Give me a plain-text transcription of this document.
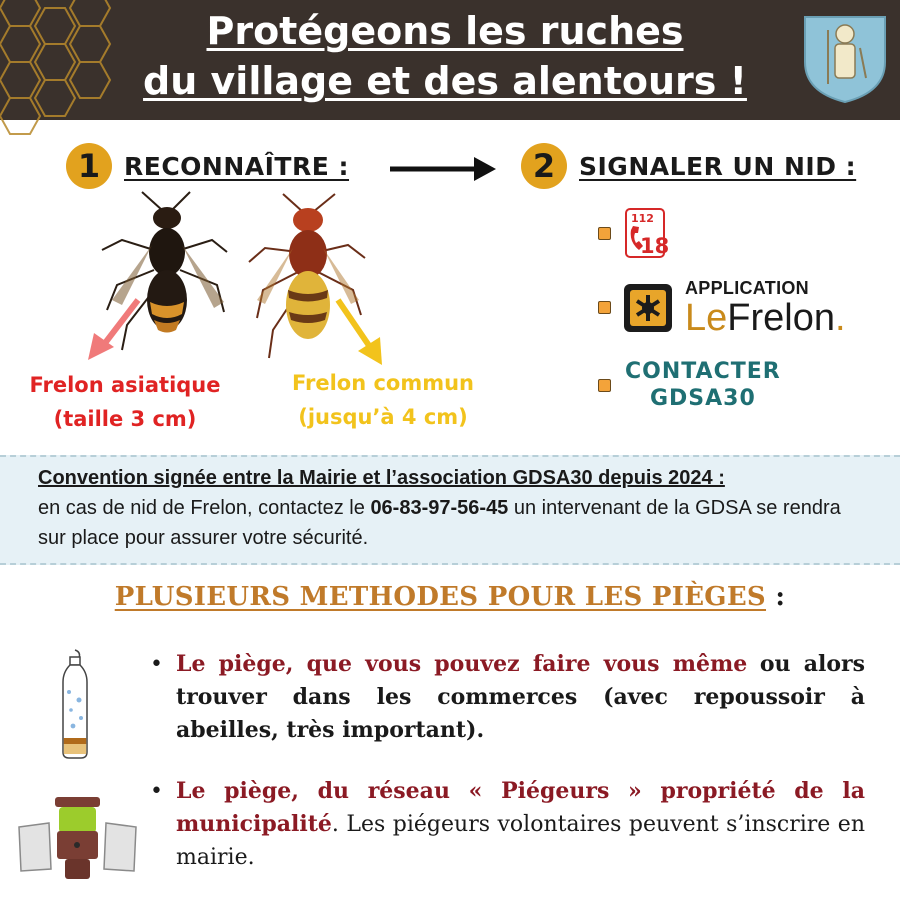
Protégeons les ruches
du village et des alentours !
1 RECONNAÎTRE :	2 SIGNALER UN NID :
Frelon asiatique
(taille 3 cm)
Frelon commun
(jusqu’à 4 cm)
112
18
APPLICATION
LeFrelon.
CONTACTER
GDSA30
Convention signée entre la Mairie et l’association GDSA30 depuis 2024 :
en cas de nid de Frelon, contactez le 06-83-97-56-45 un intervenant de la GDSA se rendra sur place pour assurer votre sécurité.
PLUSIEURS METHODES POUR LES PIÈGES :
• Le piège, que vous pouvez faire vous même ou alors trouver dans les commerces (avec repoussoir à abeilles, très important).
• Le piège, du réseau « Piégeurs » propriété de la municipalité. Les piégeurs volontaires peuvent s’inscrire en mairie.
